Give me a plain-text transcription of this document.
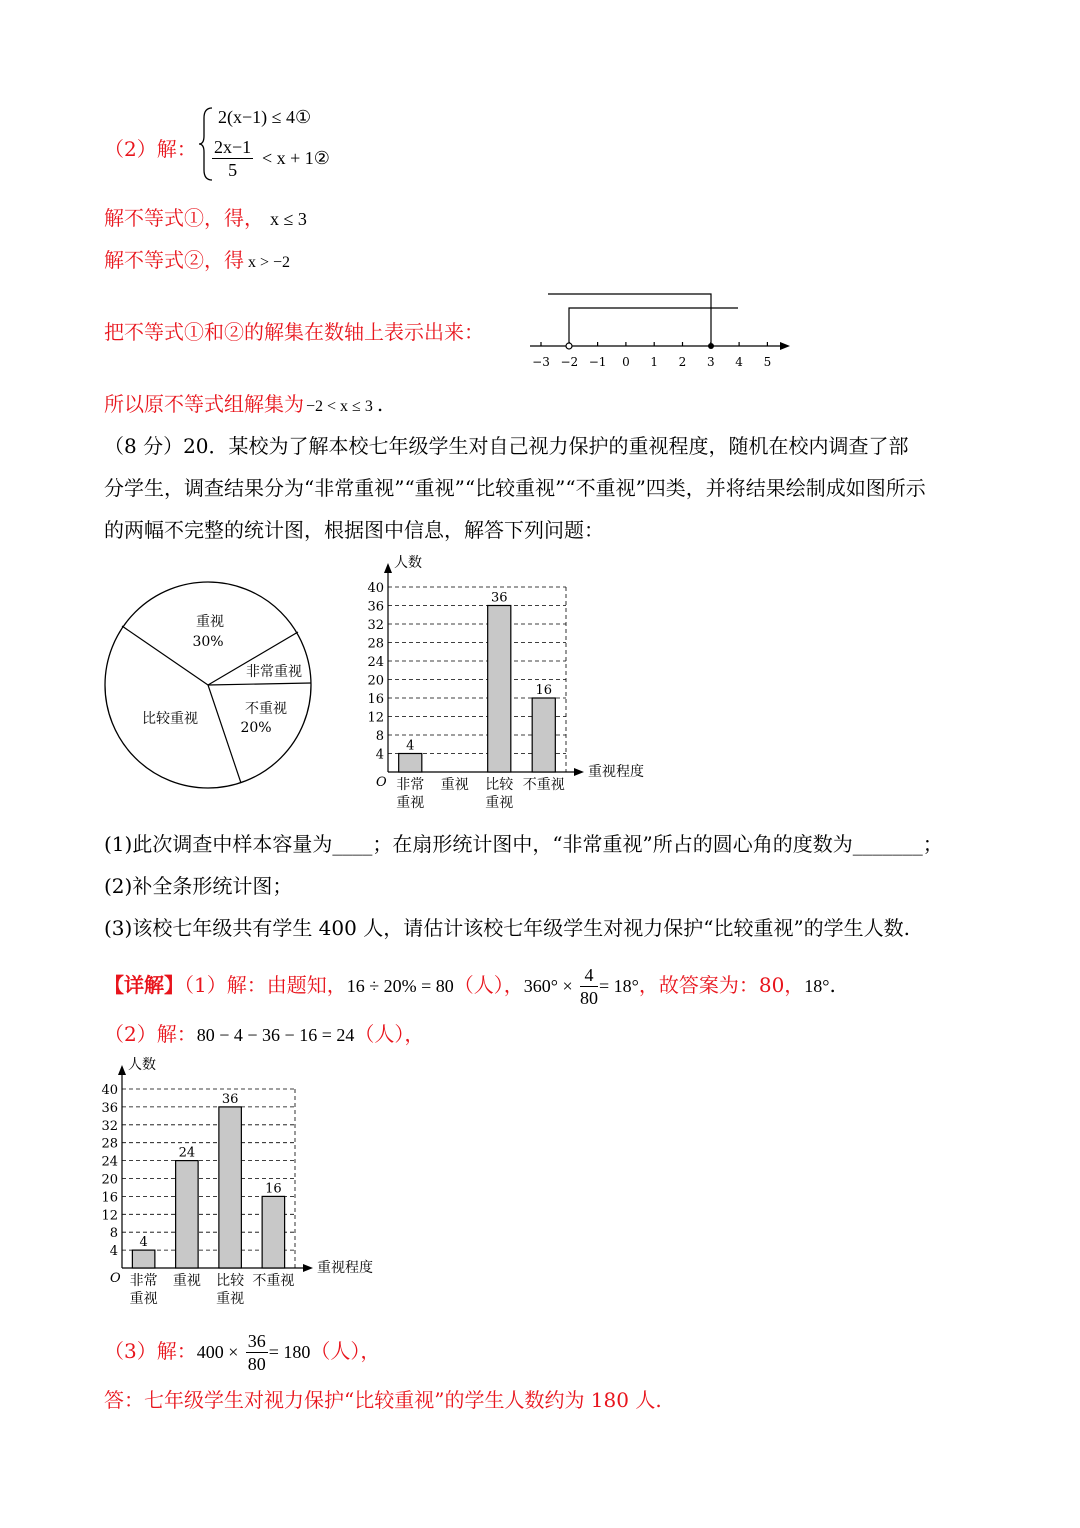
（2）解：
2(x−1) ≤ 4①
$\frac{2x-1}{5} < x$ + 1②
解不等式①，得， x ≤ 3
解不等式②，得 x > −2
把不等式①和②的解集在数轴上表示出来：
−3 −2 −1 0 1 2 3 4 5
所以原不等式组解集为 −2 < x ≤ 3 .
（8 分）20．某校为了解本校七年级学生对自己视力保护的重视程度，随机在校内调查了部
分学生，调查结果分为“非常重视”“重视”“比较重视”“不重视”四类，并将结果绘制成如图所示
的两幅不完整的统计图，根据图中信息，解答下列问题：
重视
30%
非常重视
不重视
20%
比较重视
4
8
12
16
20
24
28
32
36
40
人数
重视程度
O
4
非常
重视
重视
36
比较
重视
16
不重视
(1)此次调查中样本容量为____；在扇形统计图中，“非常重视”所占的圆心角的度数为_______；
(2)补全条形统计图；
(3)该校七年级共有学生 400 人，请估计该校七年级学生对视力保护“比较重视”的学生人数.
【详解】（1）解：由题知，16 ÷ 20% = 80（人），$360^\circ \times \frac{4}{80} = 18^\circ$，故答案为：80，18°.
（2）解：80 − 4 − 36 − 16 = 24（人），
4
8
12
16
20
24
28
32
36
40
人数
重视程度
O
4
非常
重视
24
重视
36
比较
重视
16
不重视
（3）解：$400 \times \frac{36}{80} = 180$（人），
答：七年级学生对视力保护“比较重视”的学生人数约为 180 人.
